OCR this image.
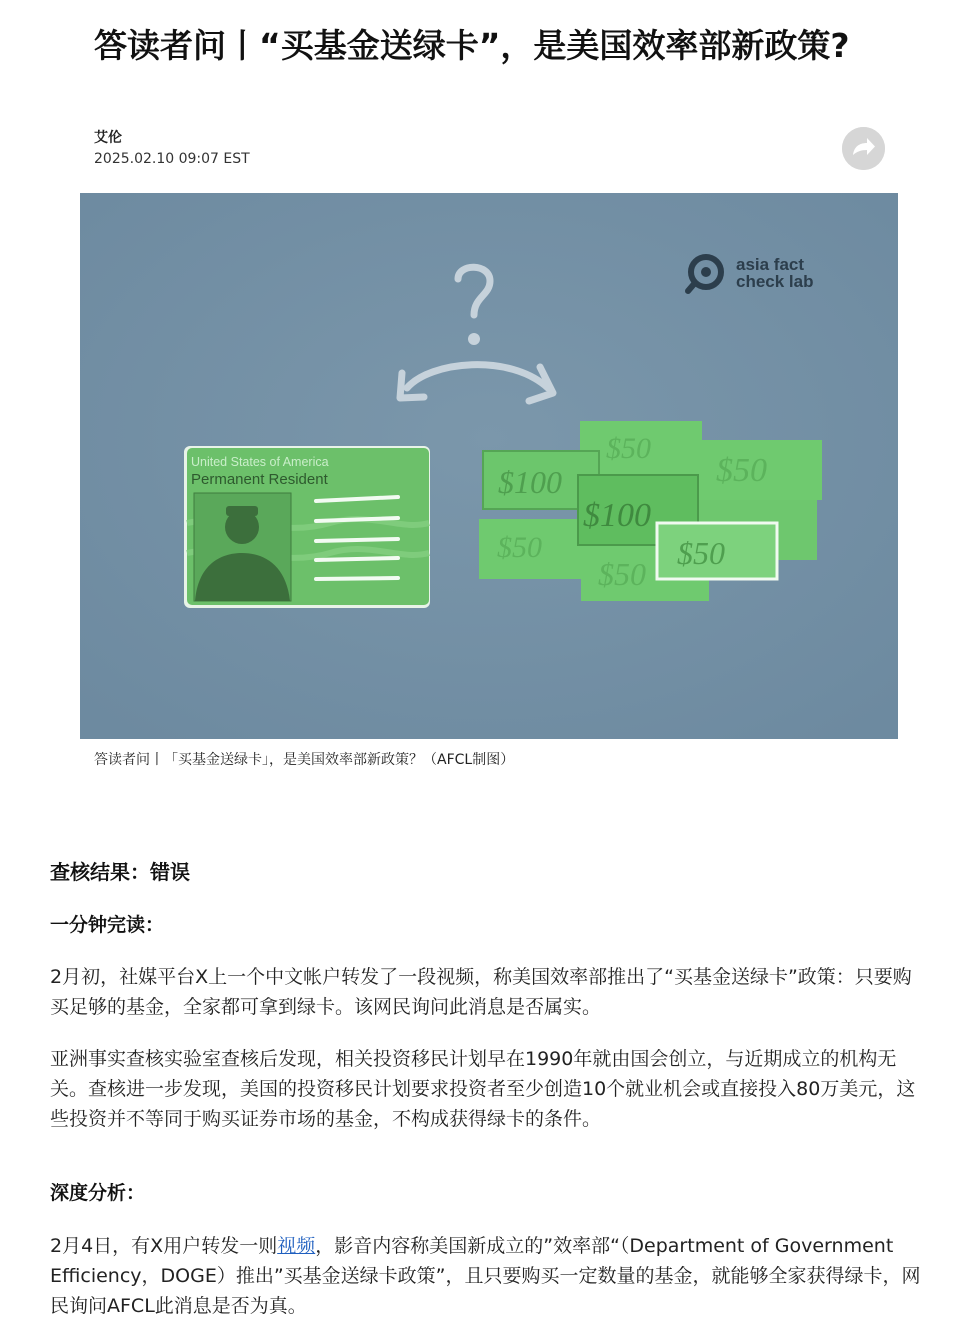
答读者问丨“买基金送绿卡”，是美国效率部新政策?
艾伦
2025.02.10 09:07 EST
asia fact
check lab
United States of America
Permanent Resident
$50
$50
$100	$50
$50
$100
$50
答读者问丨「买基金送绿卡」，是美国效率部新政策？（AFCL制图）
查核结果：错误
一分钟完读：

2月初，社媒平台X上一个中文帐户转发了一段视频，称美国效率部推出了“买基金送绿卡”政策：只要购买足够的基金，全家都可拿到绿卡。该网民询问此消息是否属实。

亚洲事实查核实验室查核后发现，相关投资移民计划早在1990年就由国会创立，与近期成立的机构无关。查核进一步发现，美国的投资移民计划要求投资者至少创造10个就业机会或直接投入80万美元，这些投资并不等同于购买证券市场的基金，不构成获得绿卡的条件。

深度分析：

2月4日，有X用户转发一则视频，影音内容称美国新成立的”效率部“（Department of Government Efficiency，DOGE）推出”买基金送绿卡政策”，且只要购买一定数量的基金，就能够全家获得绿卡，网民询问AFCL此消息是否为真。
